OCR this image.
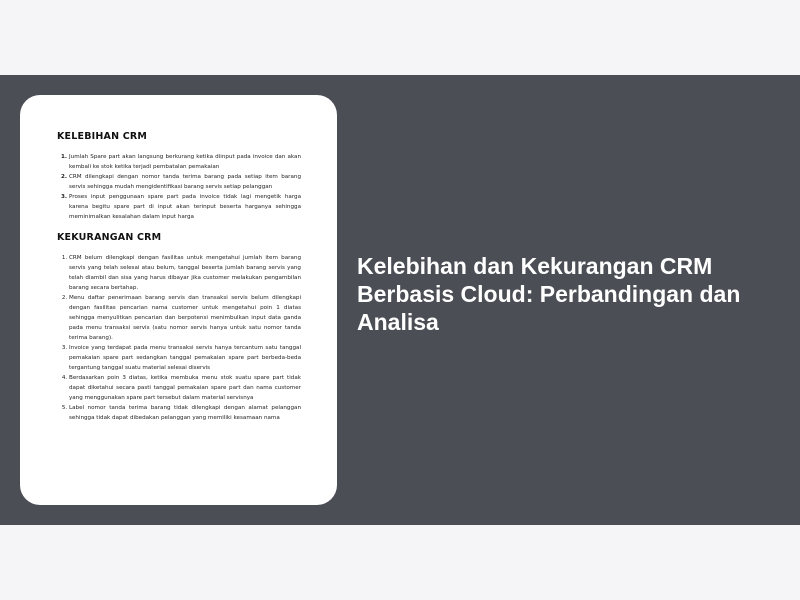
KELEBIHAN CRM
1. Jumlah Spare part akan langsung berkurang ketika diinput pada invoice dan akan kembali ke stok ketika terjadi pembatalan pemakaian
2. CRM dilengkapi dengan nomor tanda terima barang pada setiap item barang servis sehingga mudah mengidentifikasi barang servis setiap pelanggan
3. Proses input penggunaan spare part pada invoice tidak lagi mengetik harga karena begitu spare part di input akan terinput beserta harganya sehingga meminimalkan kesalahan dalam input harga
KEKURANGAN CRM
1. CRM belum dilengkapi dengan fasilitas untuk mengetahui jumlah item barang servis yang telah selesai atau belum, tanggal beserta jumlah barang servis yang telah diambil dan sisa yang harus dibayar jika customer melakukan pengambilan barang secara bertahap.
2. Menu daftar penerimaan barang servis dan transaksi servis belum dilengkapi dengan fasilitas pencarian nama customer untuk mengetahui poin 1 diatas sehingga menyulitkan pencarian dan berpotensi menimbulkan input data ganda pada menu transaksi servis (satu nomor servis hanya untuk satu nomor tanda terima barang).
3. Invoice yang terdapat pada menu transaksi servis hanya tercantum satu tanggal pemakaian spare part sedangkan tanggal pemakaian spare part berbeda-beda tergantung tanggal suatu material selesai diservis
4. Berdasarkan poin 3 diatas, ketika membuka menu stok suatu spare part tidak dapat diketahui secara pasti tanggal pemakaian spare part dan nama customer yang menggunakan spare part tersebut dalam material servisnya
5. Label nomor tanda terima barang tidak dilengkapi dengan alamat pelanggan sehingga tidak dapat dibedakan pelanggan yang memiliki kesamaan nama
Kelebihan dan Kekurangan CRM Berbasis Cloud: Perbandingan dan Analisa
